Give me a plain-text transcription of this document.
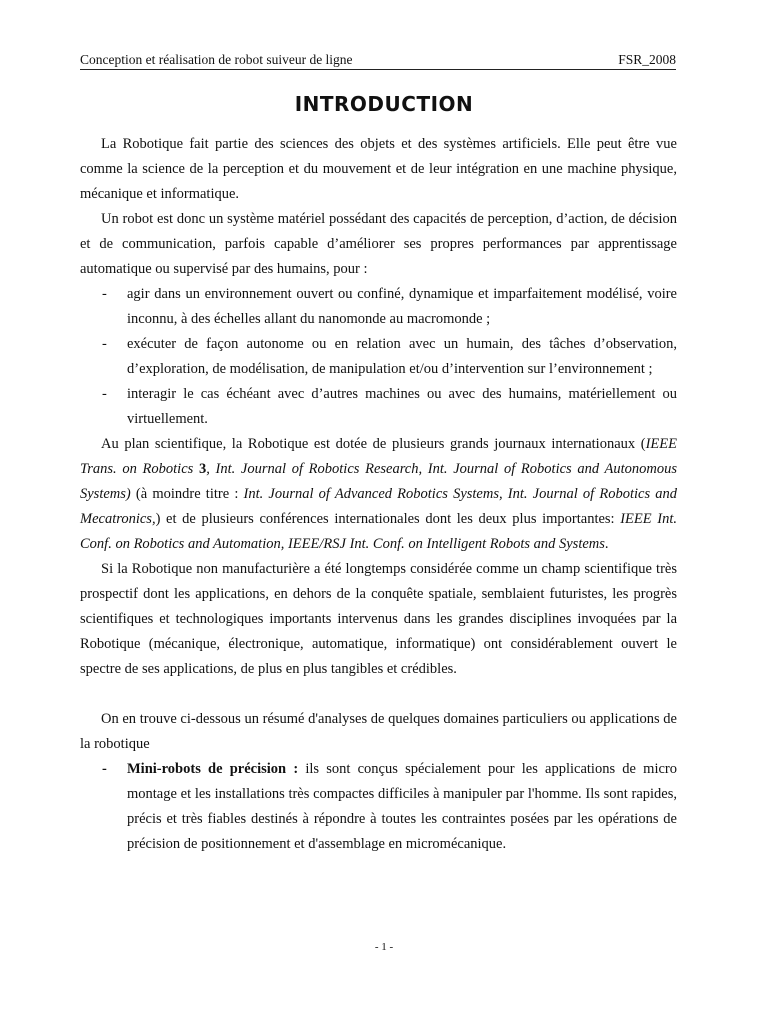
Conception et réalisation de robot suiveur de ligne	FSR_2008
INTRODUCTION

La Robotique fait partie des sciences des objets et des systèmes artificiels. Elle peut être vue comme la science de la perception et du mouvement et de leur intégration en une machine physique, mécanique et informatique.

Un robot est donc un système matériel possédant des capacités de perception, d’action, de décision et de communication, parfois capable d’améliorer ses propres performances par apprentissage automatique ou supervisé par des humains, pour :

- agir dans un environnement ouvert ou confiné, dynamique et imparfaitement modélisé, voire inconnu, à des échelles allant du nanomonde au macromonde ;
- exécuter de façon autonome ou en relation avec un humain, des tâches d’observation, d’exploration, de modélisation, de manipulation et/ou d’intervention sur l’environnement ;
- interagir le cas échéant avec d’autres machines ou avec des humains, matériellement ou virtuellement.

Au plan scientifique, la Robotique est dotée de plusieurs grands journaux internationaux (IEEE Trans. on Robotics 3, Int. Journal of Robotics Research, Int. Journal of Robotics and Autonomous Systems) (à moindre titre : Int. Journal of Advanced Robotics Systems, Int. Journal of Robotics and Mecatronics,) et de plusieurs conférences internationales dont les deux plus importantes: IEEE Int. Conf. on Robotics and Automation, IEEE/RSJ Int. Conf. on Intelligent Robots and Systems.

Si la Robotique non manufacturière a été longtemps considérée comme un champ scientifique très prospectif dont les applications, en dehors de la conquête spatiale, semblaient futuristes, les progrès scientifiques et technologiques importants intervenus dans les grandes disciplines invoquées par la Robotique (mécanique, électronique, automatique, informatique) ont considérablement ouvert le spectre de ses applications, de plus en plus tangibles et crédibles.

On en trouve ci-dessous un résumé d'analyses de quelques domaines particuliers ou applications de la robotique

- Mini-robots de précision : ils sont conçus spécialement pour les applications de micro montage et les installations très compactes difficiles à manipuler par l'homme. Ils sont rapides, précis et très fiables destinés à répondre à toutes les contraintes posées par les opérations de précision de positionnement et d'assemblage en micromécanique.
- 1 -
